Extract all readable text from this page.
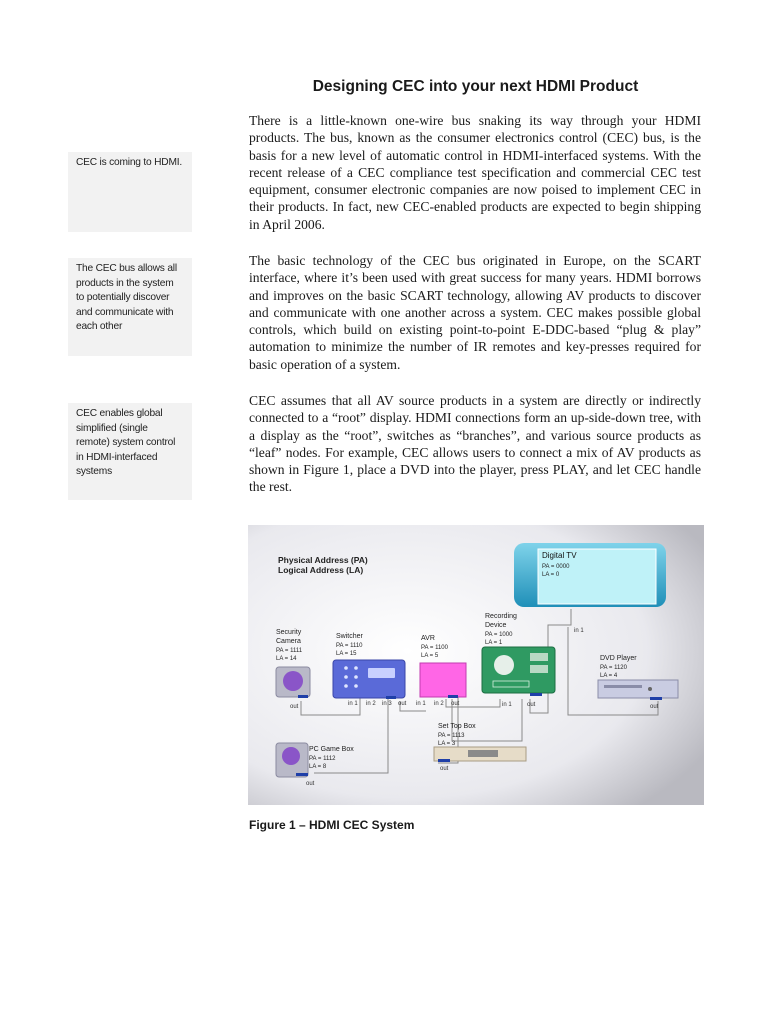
Designing CEC into your next HDMI Product

There is a little-known one-wire bus snaking its way through your HDMI products. The bus, known as the consumer electronics control (CEC) bus, is the basis for a new level of automatic control in HDMI-interfaced systems. With the recent release of a CEC compliance test specification and commercial CEC test equipment, consumer electronic companies are now poised to implement CEC in their products. In fact, new CEC-enabled products are expected to begin shipping in April 2006.

The basic technology of the CEC bus originated in Europe, on the SCART interface, where it’s been used with great success for many years. HDMI borrows and improves on the basic SCART technology, allowing AV products to discover and communicate with one another across a system. CEC makes possible global controls, which build on existing point-to-point E-DDC-based “plug & play” automation to minimize the number of IR remotes and key-presses required for basic operation of a system.

CEC assumes that all AV source products in a system are directly or indirectly connected to a “root” display. HDMI connections form an up-side-down tree, with a display as the “root”, switches as “branches”, and various source products as “leaf” nodes. For example, CEC allows users to connect a mix of AV products as shown in Figure 1, place a DVD into the player, press PLAY, and let CEC handle the rest.

CEC is coming to HDMI.
The CEC bus allows all products in the system to potentially discover and communicate with each other
CEC enables global simplified (single remote) system control in HDMI-interfaced systems
Physical Address (PA)
Logical Address (LA)
Digital TV
PA = 0000
LA = 0
in 1
Recording
Device
PA = 1000
LA = 1
in 1	out
Security
Camera
PA = 1111
LA = 14
out
Switcher
PA = 1110
LA = 15
in 1 in 2 in 3 out
AVR
PA = 1100
LA = 5
in 1 in 2 out
DVD Player
PA = 1120
LA = 4
out
Set Top Box
PA = 1113
LA = 3
out
PC Game Box
PA = 1112
LA = 8
out
Figure 1 – HDMI CEC System
